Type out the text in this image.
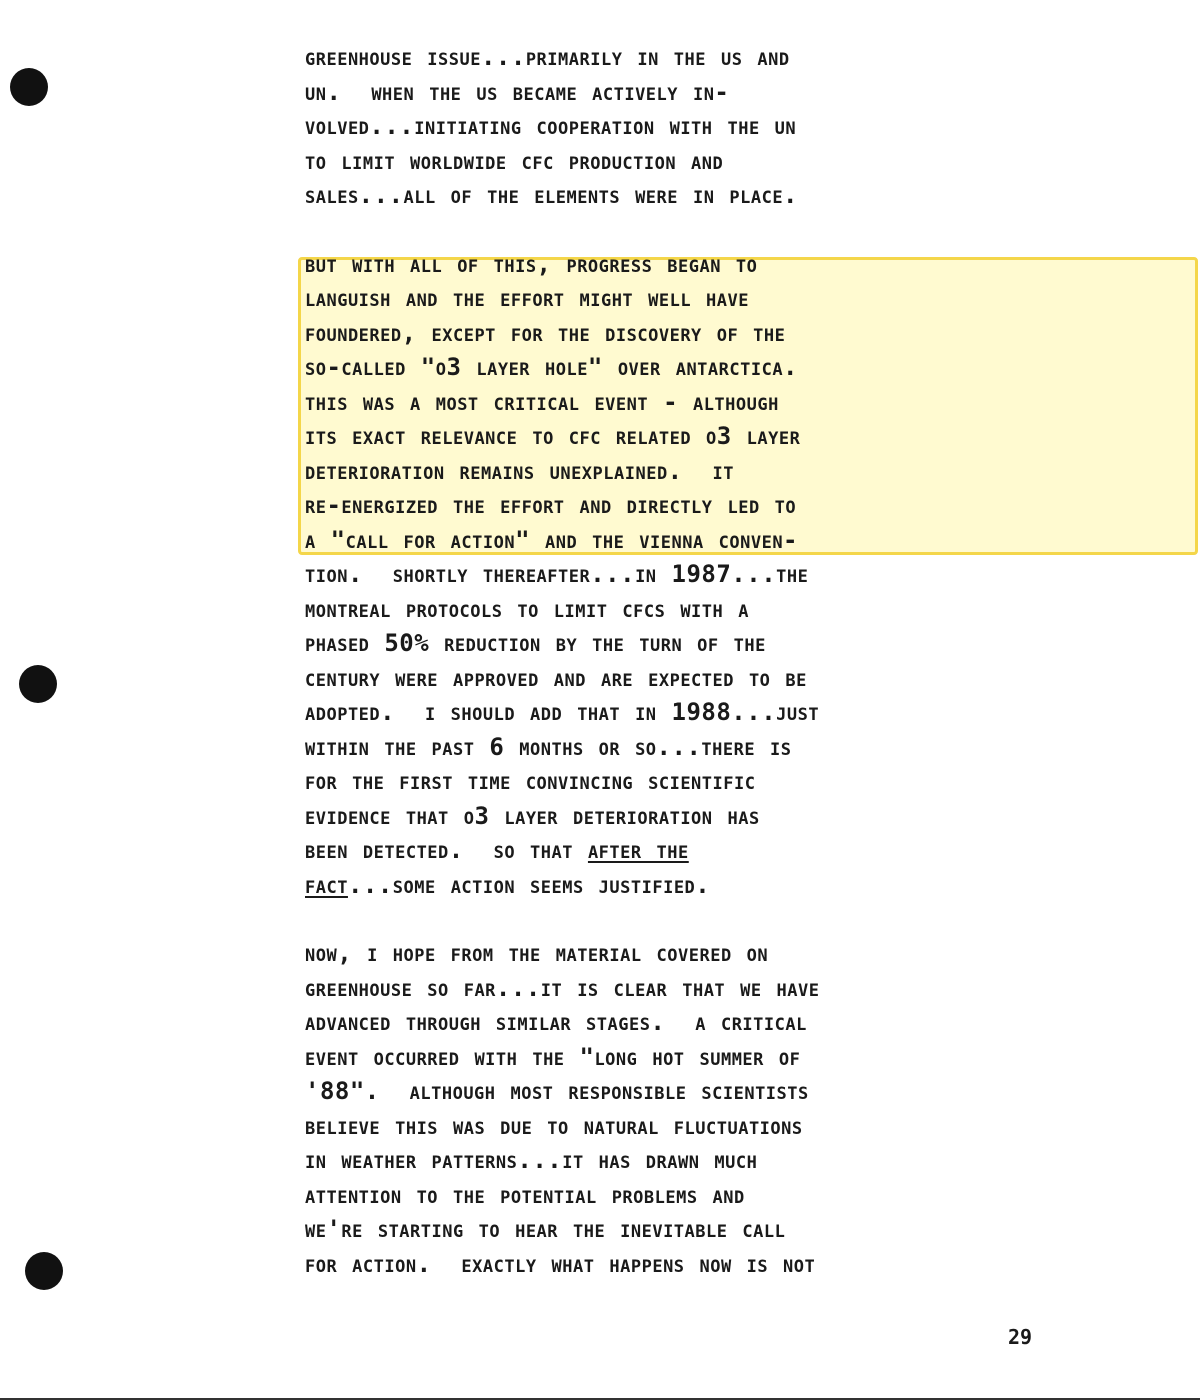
greenhouse issue...primarily in the us and
un.  when the us became actively in-
volved...initiating cooperation with the un
to limit worldwide cfc production and
sales...all of the elements were in place.
but with all of this, progress began to
languish and the effort might well have
foundered, except for the discovery of the
so-called "o3 layer hole" over antarctica.
this was a most critical event - although
its exact relevance to cfc related o3 layer
deterioration remains unexplained.  it
re-energized the effort and directly led to
a "call for action" and the vienna conven-
tion.  shortly thereafter...in 1987...the
montreal protocols to limit cfcs with a
phased 50% reduction by the turn of the
century were approved and are expected to be
adopted.  i should add that in 1988...just
within the past 6 months or so...there is
for the first time convincing scientific
evidence that o3 layer deterioration has
been detected.  so that after the
fact...some action seems justified.
now, i hope from the material covered on
greenhouse so far...it is clear that we have
advanced through similar stages.  a critical
event occurred with the "long hot summer of
'88".  although most responsible scientists
believe this was due to natural fluctuations
in weather patterns...it has drawn much
attention to the potential problems and
we're starting to hear the inevitable call
for action.  exactly what happens now is not
29
